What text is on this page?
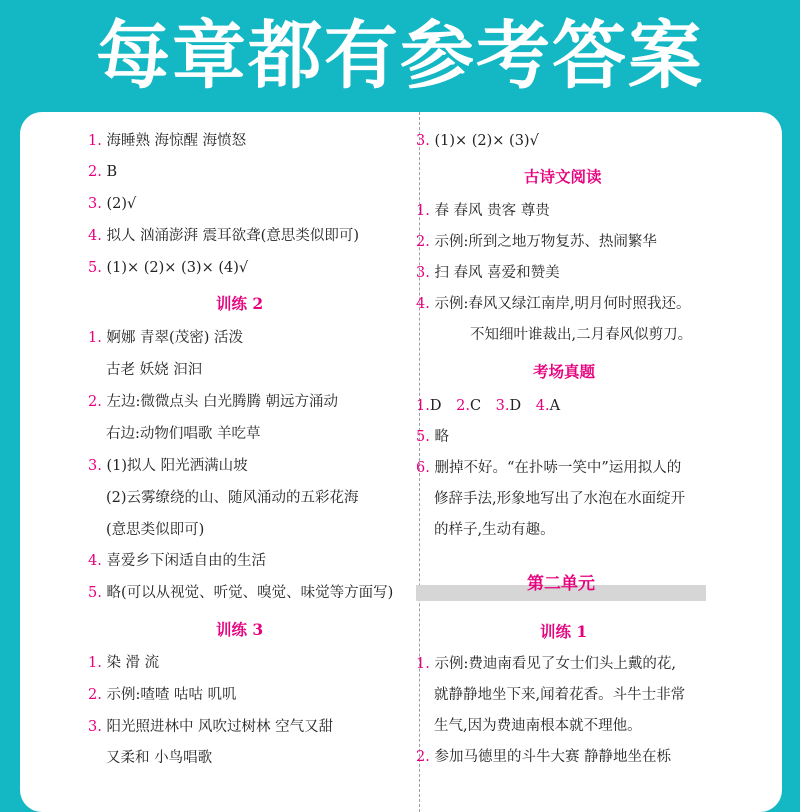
每章都有参考答案
1. 海睡熟 海惊醒 海愤怒
2. B
3. (2)√
4. 拟人 汹涌澎湃 震耳欲聋(意思类似即可)
5. (1)× (2)× (3)× (4)√
训练 2
1. 婀娜 青翠(茂密) 活泼
古老 妖娆 汩汩
2. 左边:微微点头 白光腾腾 朝远方涌动
右边:动物们唱歌 羊吃草
3. (1)拟人 阳光洒满山坡
(2)云雾缭绕的山、随风涌动的五彩花海
(意思类似即可)
4. 喜爱乡下闲适自由的生活
5. 略(可以从视觉、听觉、嗅觉、味觉等方面写)
训练 3
1. 染 滑 流
2. 示例:喳喳 咕咕 叽叽
3. 阳光照进林中 风吹过树林 空气又甜
又柔和 小鸟唱歌
3. (1)× (2)× (3)√
古诗文阅读
1. 春 春风 贵客 尊贵
2. 示例:所到之地万物复苏、热闹繁华
3. 扫 春风 喜爱和赞美
4. 示例:春风又绿江南岸,明月何时照我还。
不知细叶谁裁出,二月春风似剪刀。
考场真题
1.D 2.C 3.D 4.A
5. 略
6. 删掉不好。“在扑哧一笑中”运用拟人的
修辞手法,形象地写出了水泡在水面绽开
的样子,生动有趣。
第二单元
训练 1
1. 示例:费迪南看见了女士们头上戴的花,
就静静地坐下来,闻着花香。斗牛士非常
生气,因为费迪南根本就不理他。
2. 参加马德里的斗牛大赛 静静地坐在栎
